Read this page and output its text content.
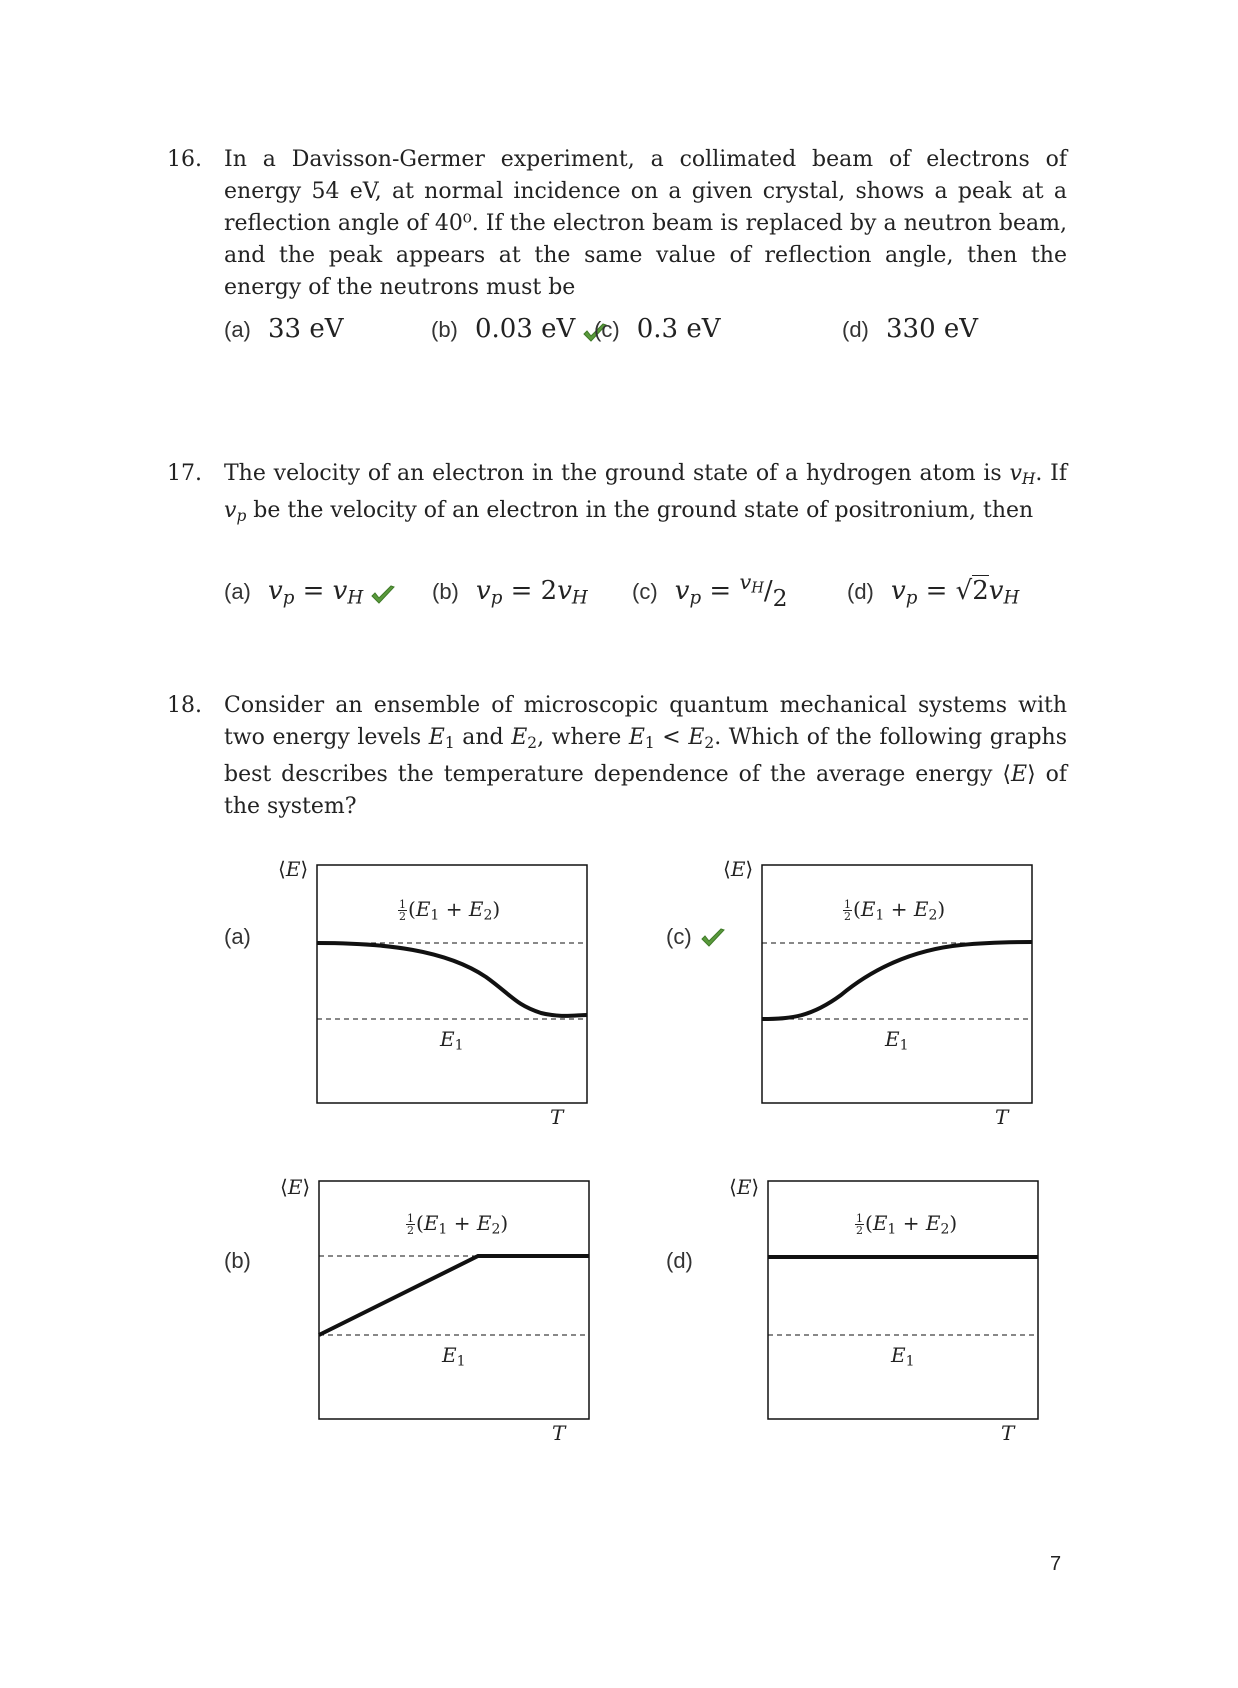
16. In a Davisson-Germer experiment, a collimated beam of electrons of energy 54 eV, at normal incidence on a given crystal, shows a peak at a reflection angle of 40⁰. If the electron beam is replaced by a neutron beam, and the peak appears at the same value of reflection angle, then the energy of the neutrons must be
(a) 33 eV	(b) 0.03 eV (c) 0.3 eV	(d) 330 eV
17. The velocity of an electron in the ground state of a hydrogen atom is $v_H$. If $v_p$ be the velocity of an electron in the ground state of positronium, then
(a) $v_p = v_H$	(b) $v_p = 2v_H$ (c) $v_p = ^{v_H}/2$	(d) $v_p = √2v_H$
18. Consider an ensemble of microscopic quantum mechanical systems with two energy levels E1 and E2, where E1 < E2. Which of the following graphs best describes the temperature dependence of the average energy ⟨E⟩ of the system?
(a)
⟨E⟩
$\frac{1}{2} (E1 + E2)$
E1
T
(c)
⟨E⟩
$\frac{1}{2} (E1 + E2)$
E1
T
(b)
⟨E⟩
$\frac{1}{2} (E1 + E2)$
E1
T
(d)
⟨E⟩
$\frac{1}{2} (E1 + E2)$
E1
T
7
